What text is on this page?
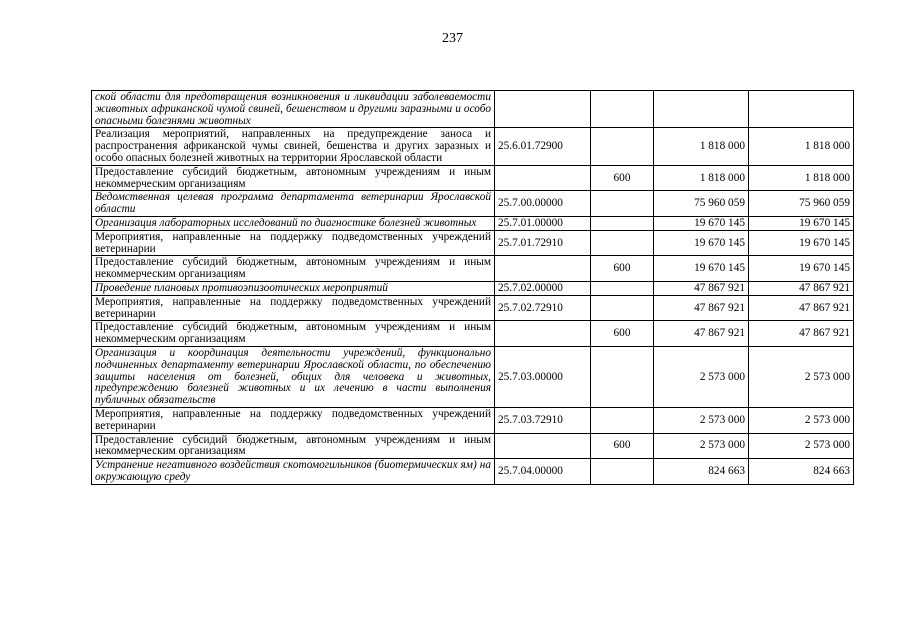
237
ской области для предотвращения возникновения и ликвидации заболеваемости животных африканской чумой свиней, бешенством и другими заразными и особо опасными болезнями животных				
Реализация мероприятий, направленных на предупреждение заноса и распространения африканской чумы свиней, бешенства и других заразных и особо опасных болезней животных на территории Ярославской области	25.6.01.72900		1 818 000	1 818 000
Предоставление субсидий бюджетным, автономным учреждениям и иным некоммерческим организациям		600	1 818 000	1 818 000
Ведомственная целевая программа департамента ветеринарии Ярославской области	25.7.00.00000		75 960 059	75 960 059
Организация лабораторных исследований по диагностике болезней животных	25.7.01.00000		19 670 145	19 670 145
Мероприятия, направленные на поддержку подведомственных учреждений ветеринарии	25.7.01.72910		19 670 145	19 670 145
Предоставление субсидий бюджетным, автономным учреждениям и иным некоммерческим организациям		600	19 670 145	19 670 145
Проведение плановых противоэпизоотических мероприятий	25.7.02.00000		47 867 921	47 867 921
Мероприятия, направленные на поддержку подведомственных учреждений ветеринарии	25.7.02.72910		47 867 921	47 867 921
Предоставление субсидий бюджетным, автономным учреждениям и иным некоммерческим организациям		600	47 867 921	47 867 921
Организация и координация деятельности учреждений, функционально подчиненных департаменту ветеринарии Ярославской области, по обеспечению защиты населения от болезней, общих для человека и животных, предупреждению болезней животных и их лечению в части выполнения публичных обязательств	25.7.03.00000		2 573 000	2 573 000
Мероприятия, направленные на поддержку подведомственных учреждений ветеринарии	25.7.03.72910		2 573 000	2 573 000
Предоставление субсидий бюджетным, автономным учреждениям и иным некоммерческим организациям		600	2 573 000	2 573 000
Устранение негативного воздействия скотомогильников (биотермических ям) на окружающую среду	25.7.04.00000		824 663	824 663
